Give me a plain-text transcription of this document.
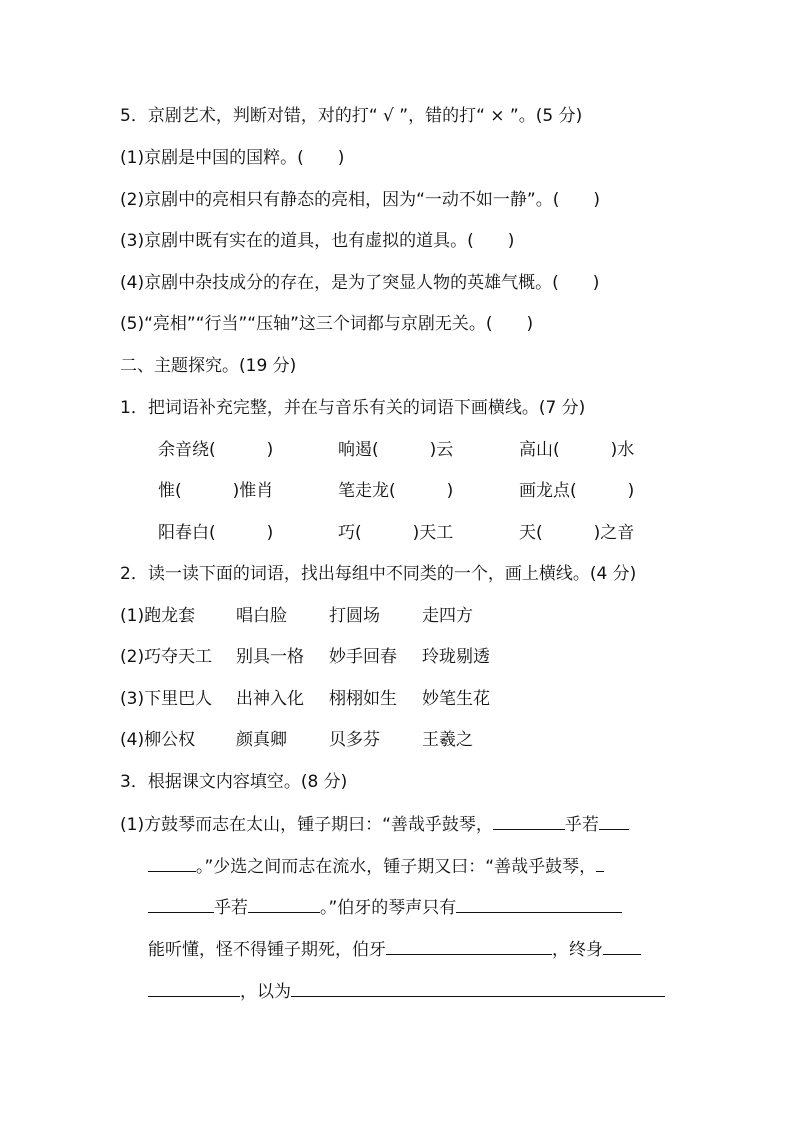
5．京剧艺术，判断对错，对的打“ √ ”，错的打“ × ”。(5 分)
(1)京剧是中国的国粹。(　　)
(2)京剧中的亮相只有静态的亮相，因为“一动不如一静”。(　　)
(3)京剧中既有实在的道具，也有虚拟的道具。(　　)
(4)京剧中杂技成分的存在，是为了突显人物的英雄气概。(　　)
(5)“亮相”“行当”“压轴”这三个词都与京剧无关。(　　)
二、主题探究。(19 分)
1．把词语补充完整，并在与音乐有关的词语下画横线。(7 分)
余音绕(　　　)	响遏(　　　)云	高山(　　　)水
惟(　　　)惟肖	笔走龙(　　　)	画龙点(　　　)
阳春白(　　　)	巧(　　　)天工	天(　　　)之音
2．读一读下面的词语，找出每组中不同类的一个，画上横线。(4 分)
(1)跑龙套 唱白脸 打圆场 走四方
(2)巧夺天工 别具一格 妙手回春 玲珑剔透
(3)下里巴人 出神入化 栩栩如生 妙笔生花
(4)柳公权 颜真卿 贝多芬 王羲之
3．根据课文内容填空。(8 分)
(1)方鼓琴而志在太山，锺子期曰：“善哉乎鼓琴，	乎若
。”少选之间而志在流水，锺子期又曰：“善哉乎鼓琴，
乎若	。”伯牙的琴声只有
能听懂，怪不得锺子期死，伯牙	，终身
，以为
